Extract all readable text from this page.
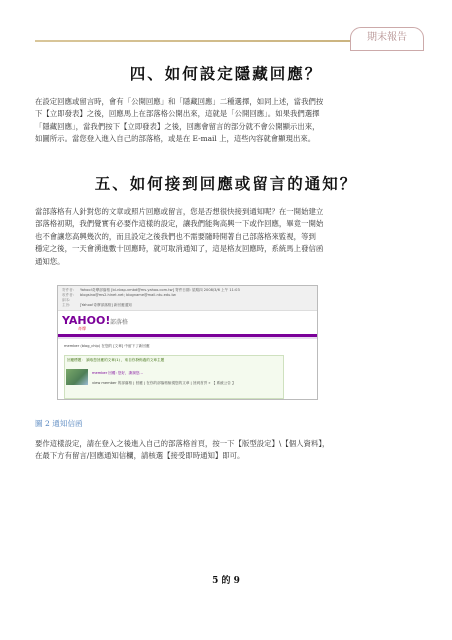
期末報告
四、如何設定隱藏回應？
在設定回應或留言時，會有「公開回應」和「隱藏回應」二種選擇，如同上述，當我們按
下【立即發表】之後，回應馬上在部落格公開出來，這就是「公開回應」。如果我們選擇
「隱藏回應」，當我們按下【立即發表】之後，回應會留言的部分就不會公開顯示出來，
如圖所示。當您登入進入自己的部落格，或是在 E-mail 上，這些內容就會顯現出來。
五、如何接到回應或留言的通知？
當部落格有人針對您的文章或照片回應或留言，您是否想很快接到通知呢？在一開始建立
部落格初期，我們覺實有必要作這樣的設定，讓我們能夠高興一下或作回應，畢竟一開始
也不會讓您高興幾次的，而且設定之後我們也不需要隨時開著自己部落格來監視，等到
穩定之後，一天會湧進數十回應時，就可取消通知了，這是格友回應時，系統馬上發信函
通知您。
寄件者: Yahoo!奇摩部落格 [bl-nbsp-vmbd@ms.yahoo.com.tw] 寄件日期: 星期四 2008/3/6 上午 11:03
收件者: blogsina@ms2.hinet.net; blogname@mail.ntu.edu.tw
副本:
主旨:	[Yahoo!奇摩部落格] 新回應通知
YAHOO!
奇摩
部落格
member (blog_chip) 在您的 [文章] 中留下了新回應
回應標題： 讀取您回應的文章(1) ，來自你發佈過的文章主題
member 回覆: 您好，謝謝您...
view member 的部落格 | 回應 | 在你的部落格檢視您的文章 | 回到首頁 » 【 系統公告 】
圖 2 通知信函
要作這樣設定，請在登入之後進入自己的部落格首頁，按一下【版型設定】\【個人資料】，
在最下方有留言/回應通知信欄，請核選【接受即時通知】即可。
5 的 9
